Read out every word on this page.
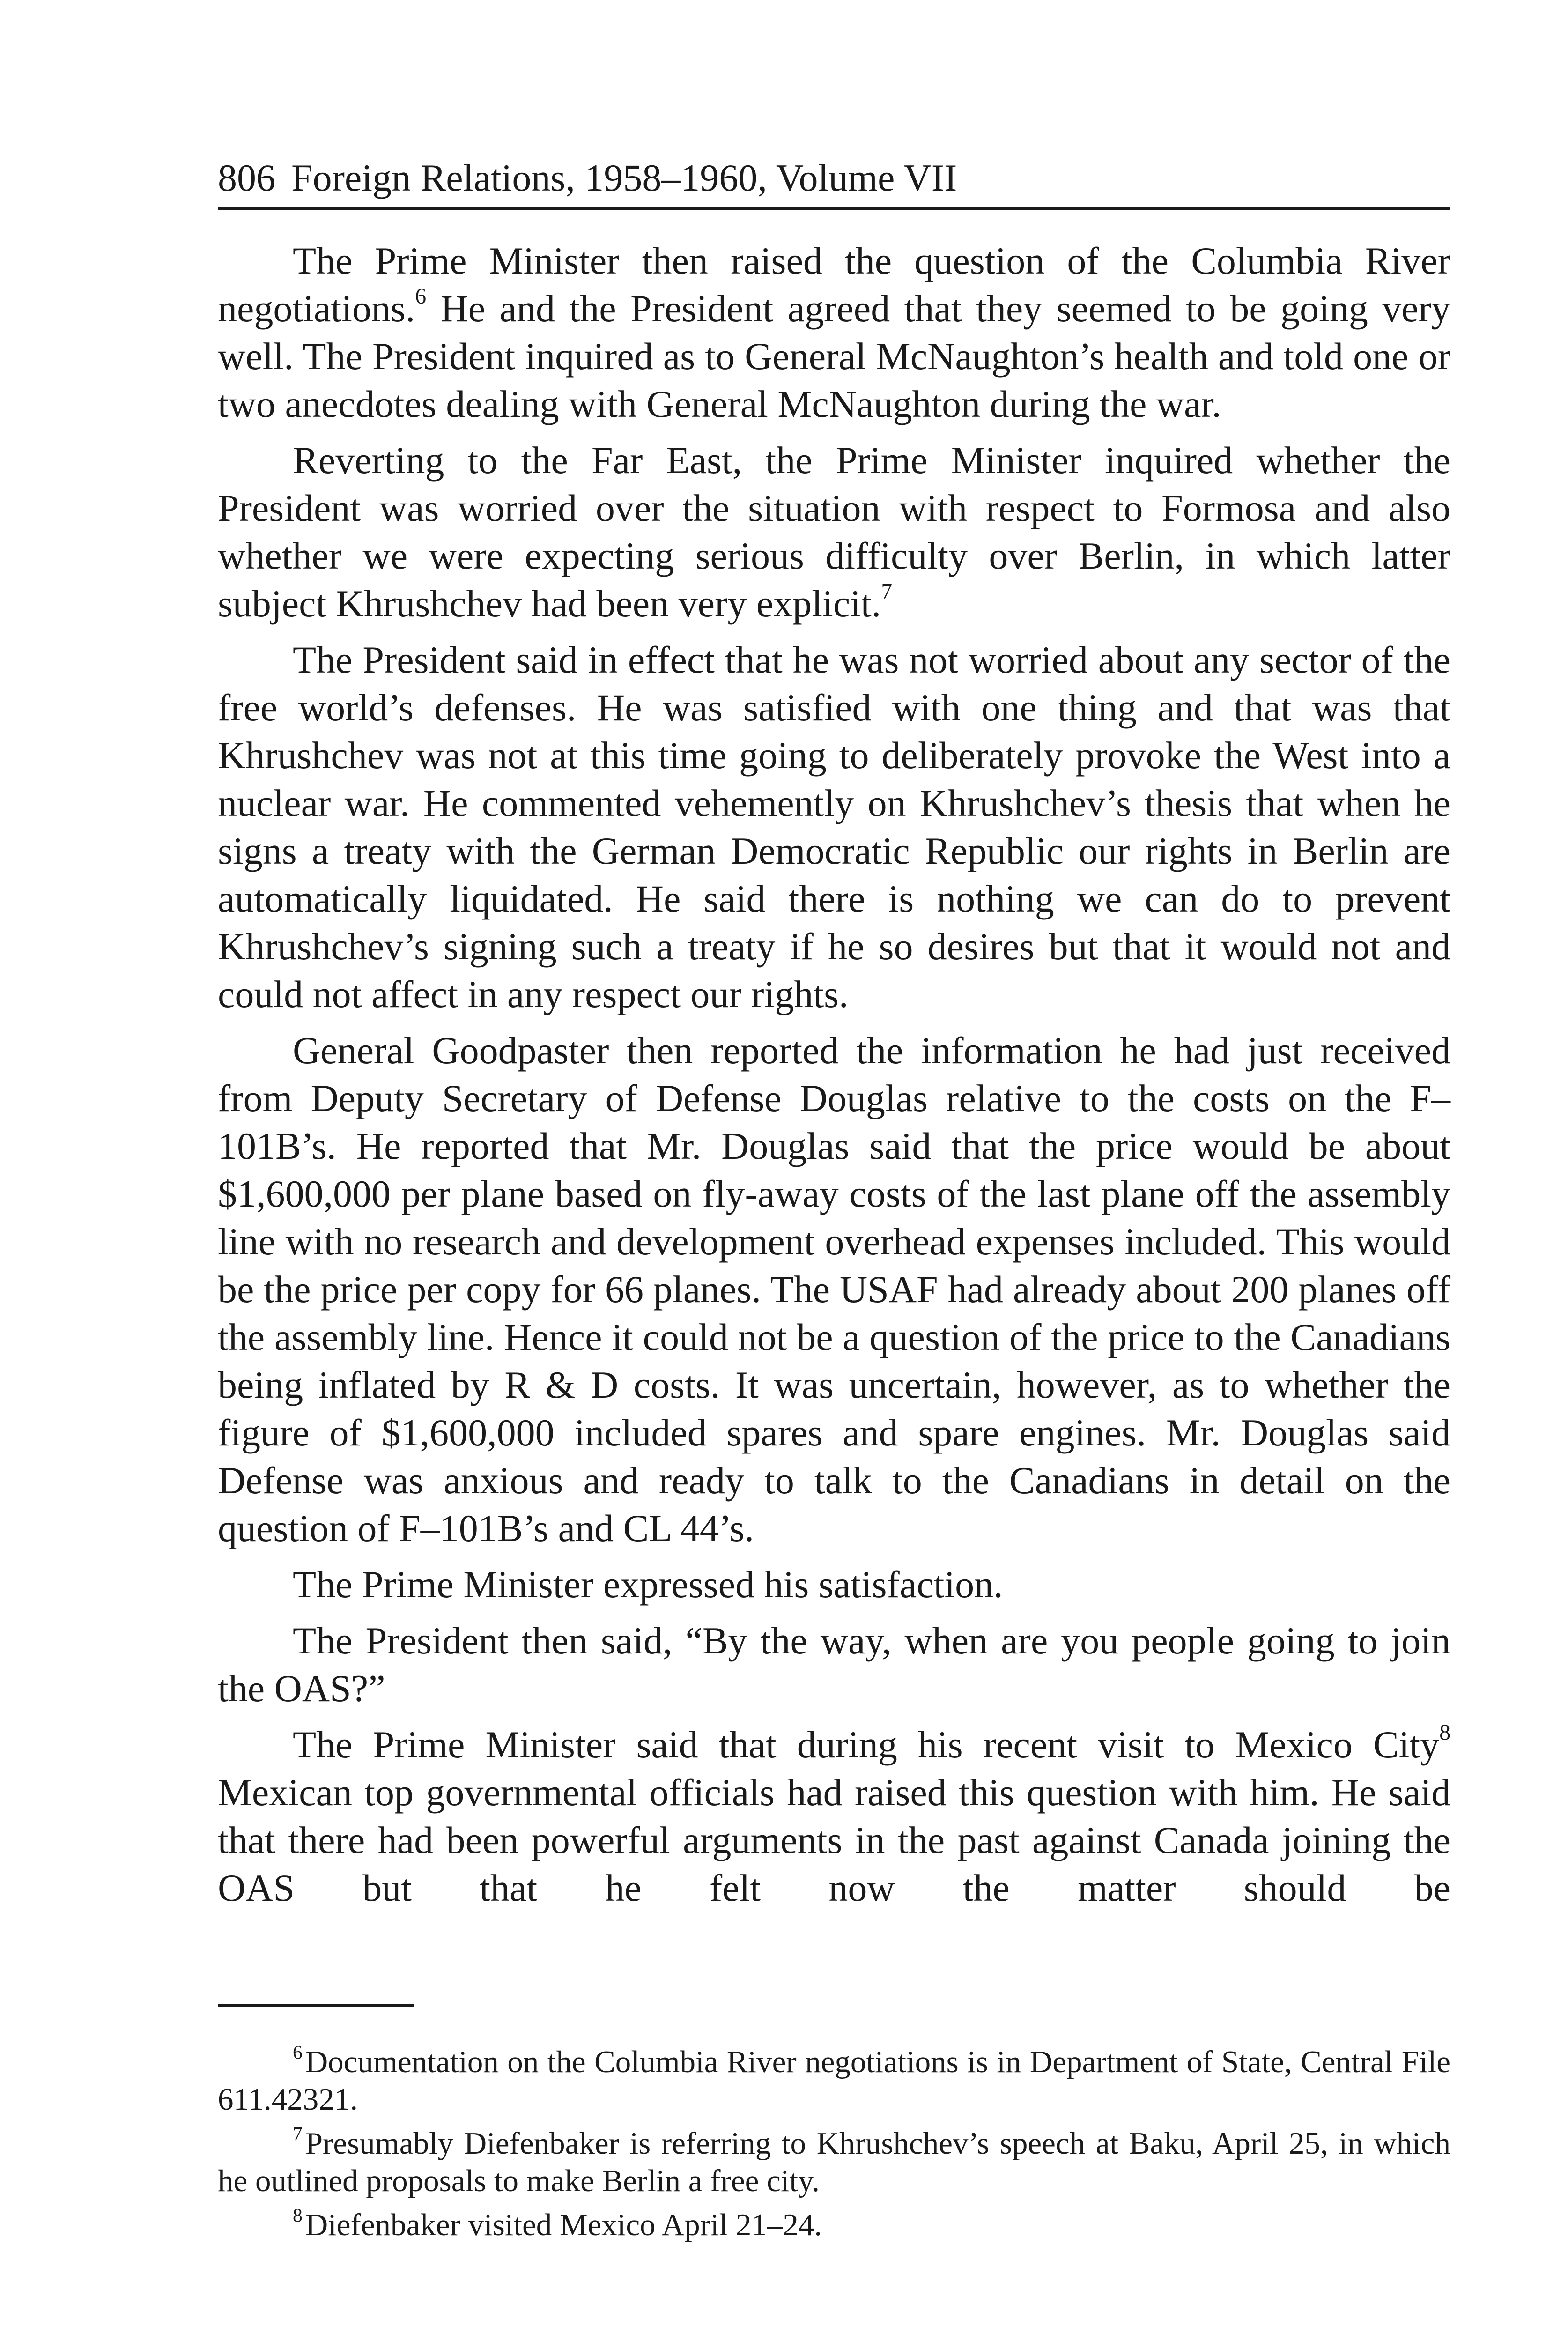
806 Foreign Relations, 1958–1960, Volume VII

The Prime Minister then raised the question of the Columbia River negotiations.$^6$ He and the President agreed that they seemed to be going very well. The President inquired as to General McNaughton’s health and told one or two anecdotes dealing with General McNaughton during the war.

Reverting to the Far East, the Prime Minister inquired whether the President was worried over the situation with respect to Formosa and also whether we were expecting serious difficulty over Berlin, in which latter subject Khrushchev had been very explicit.$^7$

The President said in effect that he was not worried about any sector of the free world’s defenses. He was satisfied with one thing and that was that Khrushchev was not at this time going to deliberately provoke the West into a nuclear war. He commented vehemently on Khrushchev’s thesis that when he signs a treaty with the German Democratic Republic our rights in Berlin are automatically liquidated. He said there is nothing we can do to prevent Khrushchev’s signing such a treaty if he so desires but that it would not and could not affect in any respect our rights.

General Goodpaster then reported the information he had just received from Deputy Secretary of Defense Douglas relative to the costs on the F–101B’s. He reported that Mr. Douglas said that the price would be about $1,600,000 per plane based on fly-away costs of the last plane off the assembly line with no research and development overhead expenses included. This would be the price per copy for 66 planes. The USAF had already about 200 planes off the assembly line. Hence it could not be a question of the price to the Canadians being inflated by R & D costs. It was uncertain, however, as to whether the figure of $1,600,000 included spares and spare engines. Mr. Douglas said Defense was anxious and ready to talk to the Canadians in detail on the question of F–101B’s and CL 44’s.

The Prime Minister expressed his satisfaction.

The President then said, “By the way, when are you people going to join the OAS?”

The Prime Minister said that during his recent visit to Mexico City$^8$ Mexican top governmental officials had raised this question with him. He said that there had been powerful arguments in the past against Canada joining the OAS but that he felt now the matter should be

$^6$Documentation on the Columbia River negotiations is in Department of State, Central File 611.42321.

$^7$Presumably Diefenbaker is referring to Khrushchev’s speech at Baku, April 25, in which he outlined proposals to make Berlin a free city.

$^8$Diefenbaker visited Mexico April 21–24.
